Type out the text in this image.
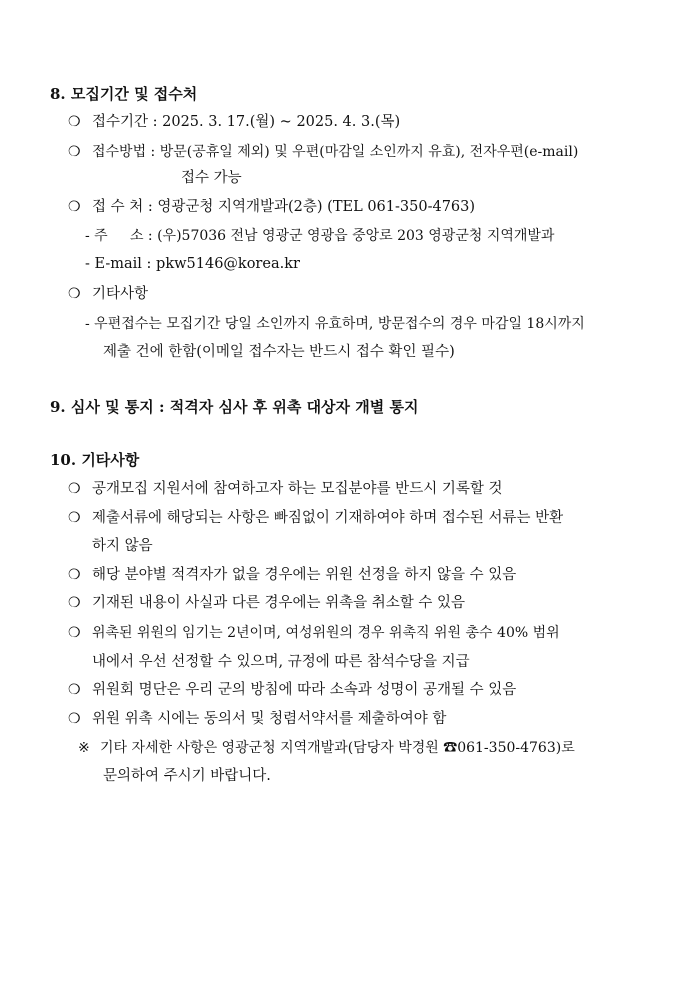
8. 모집기간 및 접수처
❍ 접수기간 : 2025. 3. 17.(월) ~ 2025. 4. 3.(목)
❍ 접수방법 : 방문(공휴일 제외) 및 우편(마감일 소인까지 유효), 전자우편(e-mail)
접수 가능
❍ 접 수 처 : 영광군청 지역개발과(2층) (TEL 061-350-4763)
- 주     소 : (우)57036 전남 영광군 영광읍 중앙로 203 영광군청 지역개발과
- E-mail : pkw5146@korea.kr
❍ 기타사항
- 우편접수는 모집기간 당일 소인까지 유효하며, 방문접수의 경우 마감일 18시까지
제출 건에 한함(이메일 접수자는 반드시 접수 확인 필수)
9. 심사 및 통지 : 적격자 심사 후 위촉 대상자 개별 통지
10. 기타사항
❍ 공개모집 지원서에 참여하고자 하는 모집분야를 반드시 기록할 것
❍ 제출서류에 해당되는 사항은 빠짐없이 기재하여야 하며 접수된 서류는 반환
하지 않음
❍ 해당 분야별 적격자가 없을 경우에는 위원 선정을 하지 않을 수 있음
❍ 기재된 내용이 사실과 다른 경우에는 위촉을 취소할 수 있음
❍ 위촉된 위원의 임기는 2년이며, 여성위원의 경우 위촉직 위원 총수 40% 범위
내에서 우선 선정할 수 있으며, 규정에 따른 참석수당을 지급
❍ 위원회 명단은 우리 군의 방침에 따라 소속과 성명이 공개될 수 있음
❍ 위원 위촉 시에는 동의서 및 청렴서약서를 제출하여야 함
※ 기타 자세한 사항은 영광군청 지역개발과(담당자 박경원 ☎061-350-4763)로
문의하여 주시기 바랍니다.
